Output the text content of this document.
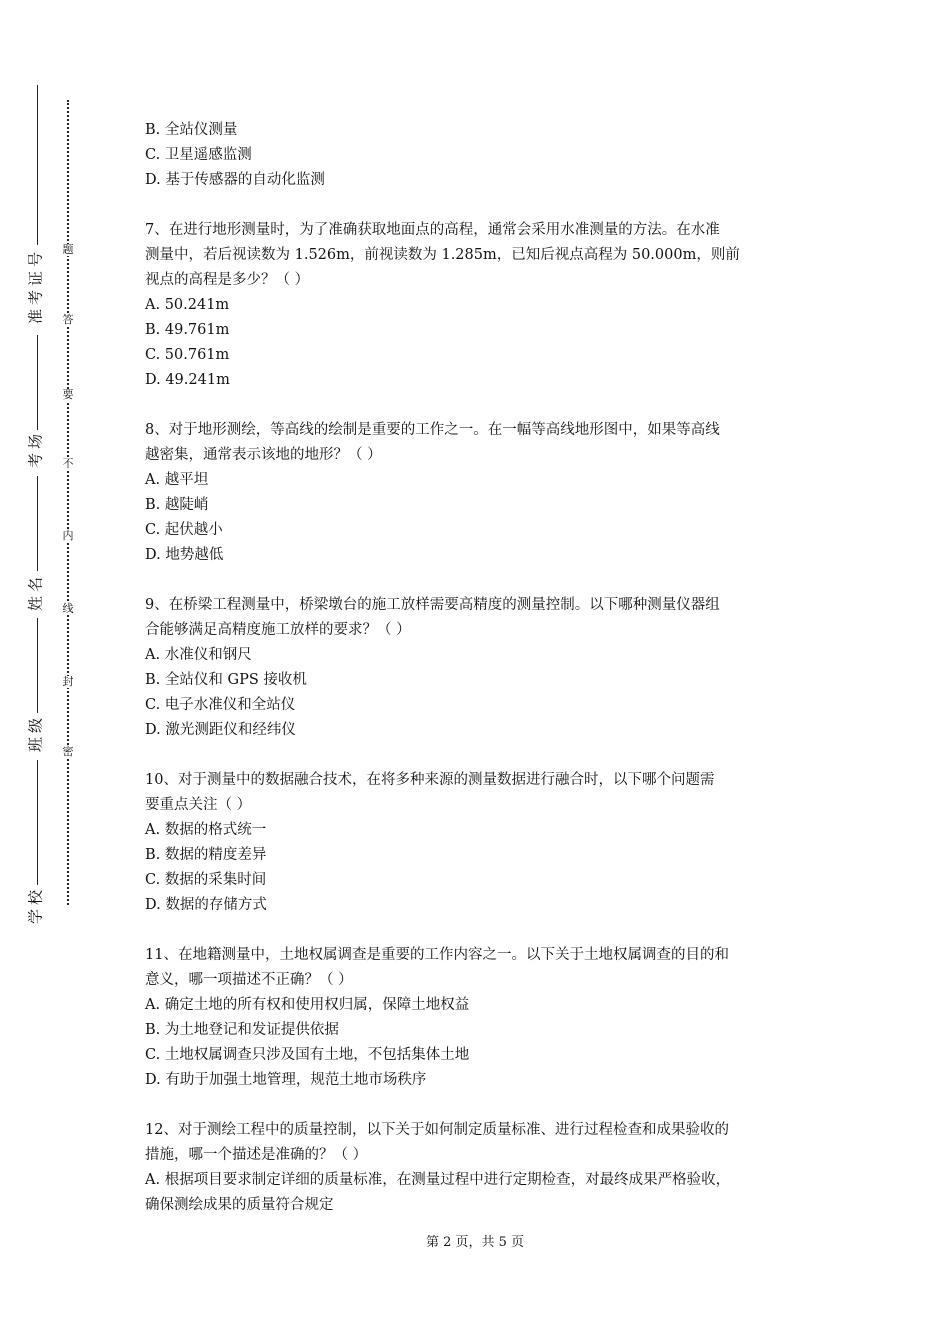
号
证
考
准
场
考
名
姓
级
班
校
学
题
答
要
不
内
线
封
密
B. 全站仪测量
C. 卫星遥感监测
D. 基于传感器的自动化监测
7、在进行地形测量时，为了准确获取地面点的高程，通常会采用水准测量的方法。在水准
测量中，若后视读数为 1.526m，前视读数为 1.285m，已知后视点高程为 50.000m，则前
视点的高程是多少？（ ）
A. 50.241m
B. 49.761m
C. 50.761m
D. 49.241m
8、对于地形测绘，等高线的绘制是重要的工作之一。在一幅等高线地形图中，如果等高线
越密集，通常表示该地的地形？（ ）
A. 越平坦
B. 越陡峭
C. 起伏越小
D. 地势越低
9、在桥梁工程测量中，桥梁墩台的施工放样需要高精度的测量控制。以下哪种测量仪器组
合能够满足高精度施工放样的要求？（ ）
A. 水准仪和钢尺
B. 全站仪和 GPS 接收机
C. 电子水准仪和全站仪
D. 激光测距仪和经纬仪
10、对于测量中的数据融合技术，在将多种来源的测量数据进行融合时，以下哪个问题需
要重点关注（ ）
A. 数据的格式统一
B. 数据的精度差异
C. 数据的采集时间
D. 数据的存储方式
11、在地籍测量中，土地权属调查是重要的工作内容之一。以下关于土地权属调查的目的和
意义，哪一项描述不正确？（ ）
A. 确定土地的所有权和使用权归属，保障土地权益
B. 为土地登记和发证提供依据
C. 土地权属调查只涉及国有土地，不包括集体土地
D. 有助于加强土地管理，规范土地市场秩序
12、对于测绘工程中的质量控制，以下关于如何制定质量标准、进行过程检查和成果验收的
措施，哪一个描述是准确的？（ ）
A. 根据项目要求制定详细的质量标准，在测量过程中进行定期检查，对最终成果严格验收，
确保测绘成果的质量符合规定
第 2 页，共 5 页
